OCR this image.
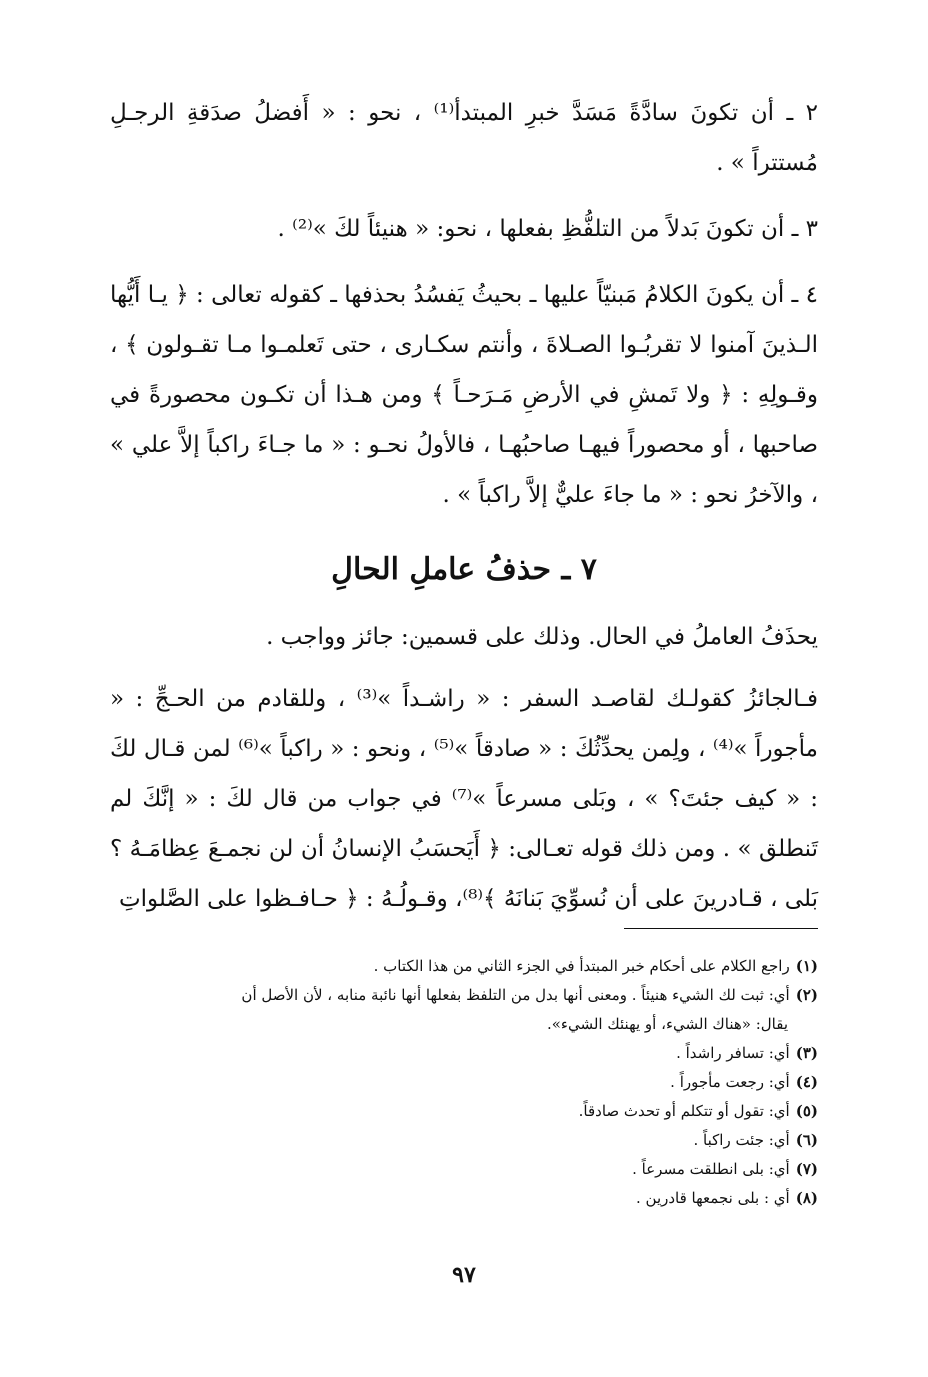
٢ ـ أن تكونَ سادَّةً مَسَدَّ خبرِ المبتدأ⁽¹⁾ ، نحو : « أَفضلُ صدَقةِ الرجـلِ مُستتراً » .

٣ ـ أن تكونَ بَدلاً من التلفُّظِ بفعلها ، نحو: « هنيئاً لكَ »⁽²⁾ .

٤ ـ أن يكونَ الكلامُ مَبنيّاً عليها ـ بحيثُ يَفسُدُ بحذفها ـ كقوله تعالى : ﴿ يـا أَيُّها الـذينَ آمنوا لا تقربُـوا الصـلاةَ ، وأنتم سكـارى ، حتى تَعلمـوا مـا تقـولون ﴾ ، وقـولِهِ : ﴿ ولا تَمشِ في الأرضِ مَـرَحـاً ﴾ ومن هـذا أن تكـون محصورةً في صاحبها ، أو محصوراً فيهـا صاحبُهـا ، فالأولُ نحـو : « ما جـاءَ راكباً إلاَّ علي » ، والآخرُ نحو : « ما جاءَ عليٌّ إلاَّ راكباً » .

٧ ـ حذفُ عاملِ الحالِ

يحذَفُ العاملُ في الحال. وذلك على قسمين: جائز وواجب .

فـالجائزُ كقولـك لقاصـد السفر : « راشـداً »⁽³⁾ ، وللقادم من الحـجِّ : « مأجوراً »⁽⁴⁾ ، ولِمن يحدِّثُكَ : « صادقاً »⁽⁵⁾ ، ونحو : « راكباً »⁽⁶⁾ لمن قـال لكَ : « كيف جئتَ؟ » ، وبَلى مسرعاً »⁽⁷⁾ في جواب من قال لكَ : « إنَّكَ لم تَنطلق » . ومن ذلك قوله تعـالى: ﴿ أَيَحسَبُ الإنسانُ أن لن نجمـعَ عِظامَـهُ ؟ بَلى ، قـادرينَ على أن نُسوِّيَ بَنانَهُ ﴾⁽⁸⁾، وقـولُـهُ : ﴿ حـافـظوا على الصَّلواتِ

(١)راجع الكلام على أحكام خبر المبتدأ في الجزء الثاني من هذا الكتاب .

(٢)أي: ثبت لك الشيء هنيئاً . ومعنى أنها بدل من التلفظ بفعلها أنها نائبة منابه ، لأن الأصل أن

يقال: «هناك الشيء، أو يهنئك الشيء».

(٣)أي: تسافر راشداً .

(٤)أي: رجعت مأجوراً .

(٥)أي: تقول أو تتكلم أو تحدث صادقاً.

(٦)أي: جئت راكباً .

(٧)أي: بلى انطلقت مسرعاً .

(٨)أي : بلى نجمعها قادرين .

٩٧
